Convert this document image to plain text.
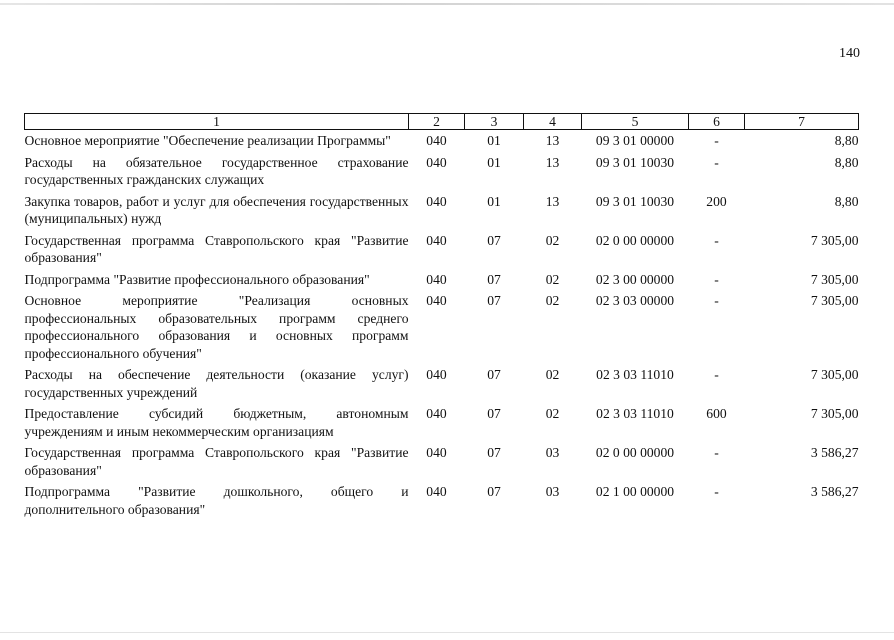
140
1	2	3	4	5	6	7
Основное мероприятие "Обеспечение реализации Программы"	040	01	13	09 3 01 00000	-	8,80
Расходы на обязательное государственное страхование государственных гражданских служащих	040	01	13	09 3 01 10030	-	8,80
Закупка товаров, работ и услуг для обеспечения государственных (муниципальных) нужд	040	01	13	09 3 01 10030	200	8,80
Государственная программа Ставропольского края "Развитие образования"	040	07	02	02 0 00 00000	-	7 305,00
Подпрограмма "Развитие профессионального образования"	040	07	02	02 3 00 00000	-	7 305,00
Основное мероприятие "Реализация основных профессиональных образовательных программ среднего профессионального образования и основных программ профессионального обучения"	040	07	02	02 3 03 00000	-	7 305,00
Расходы на обеспечение деятельности (оказание услуг) государственных учреждений	040	07	02	02 3 03 11010	-	7 305,00
Предоставление субсидий бюджетным, автономным учреждениям и иным некоммерческим организациям	040	07	02	02 3 03 11010	600	7 305,00
Государственная программа Ставропольского края "Развитие образования"	040	07	03	02 0 00 00000	-	3 586,27
Подпрограмма "Развитие дошкольного, общего и дополнительного образования"	040	07	03	02 1 00 00000	-	3 586,27
